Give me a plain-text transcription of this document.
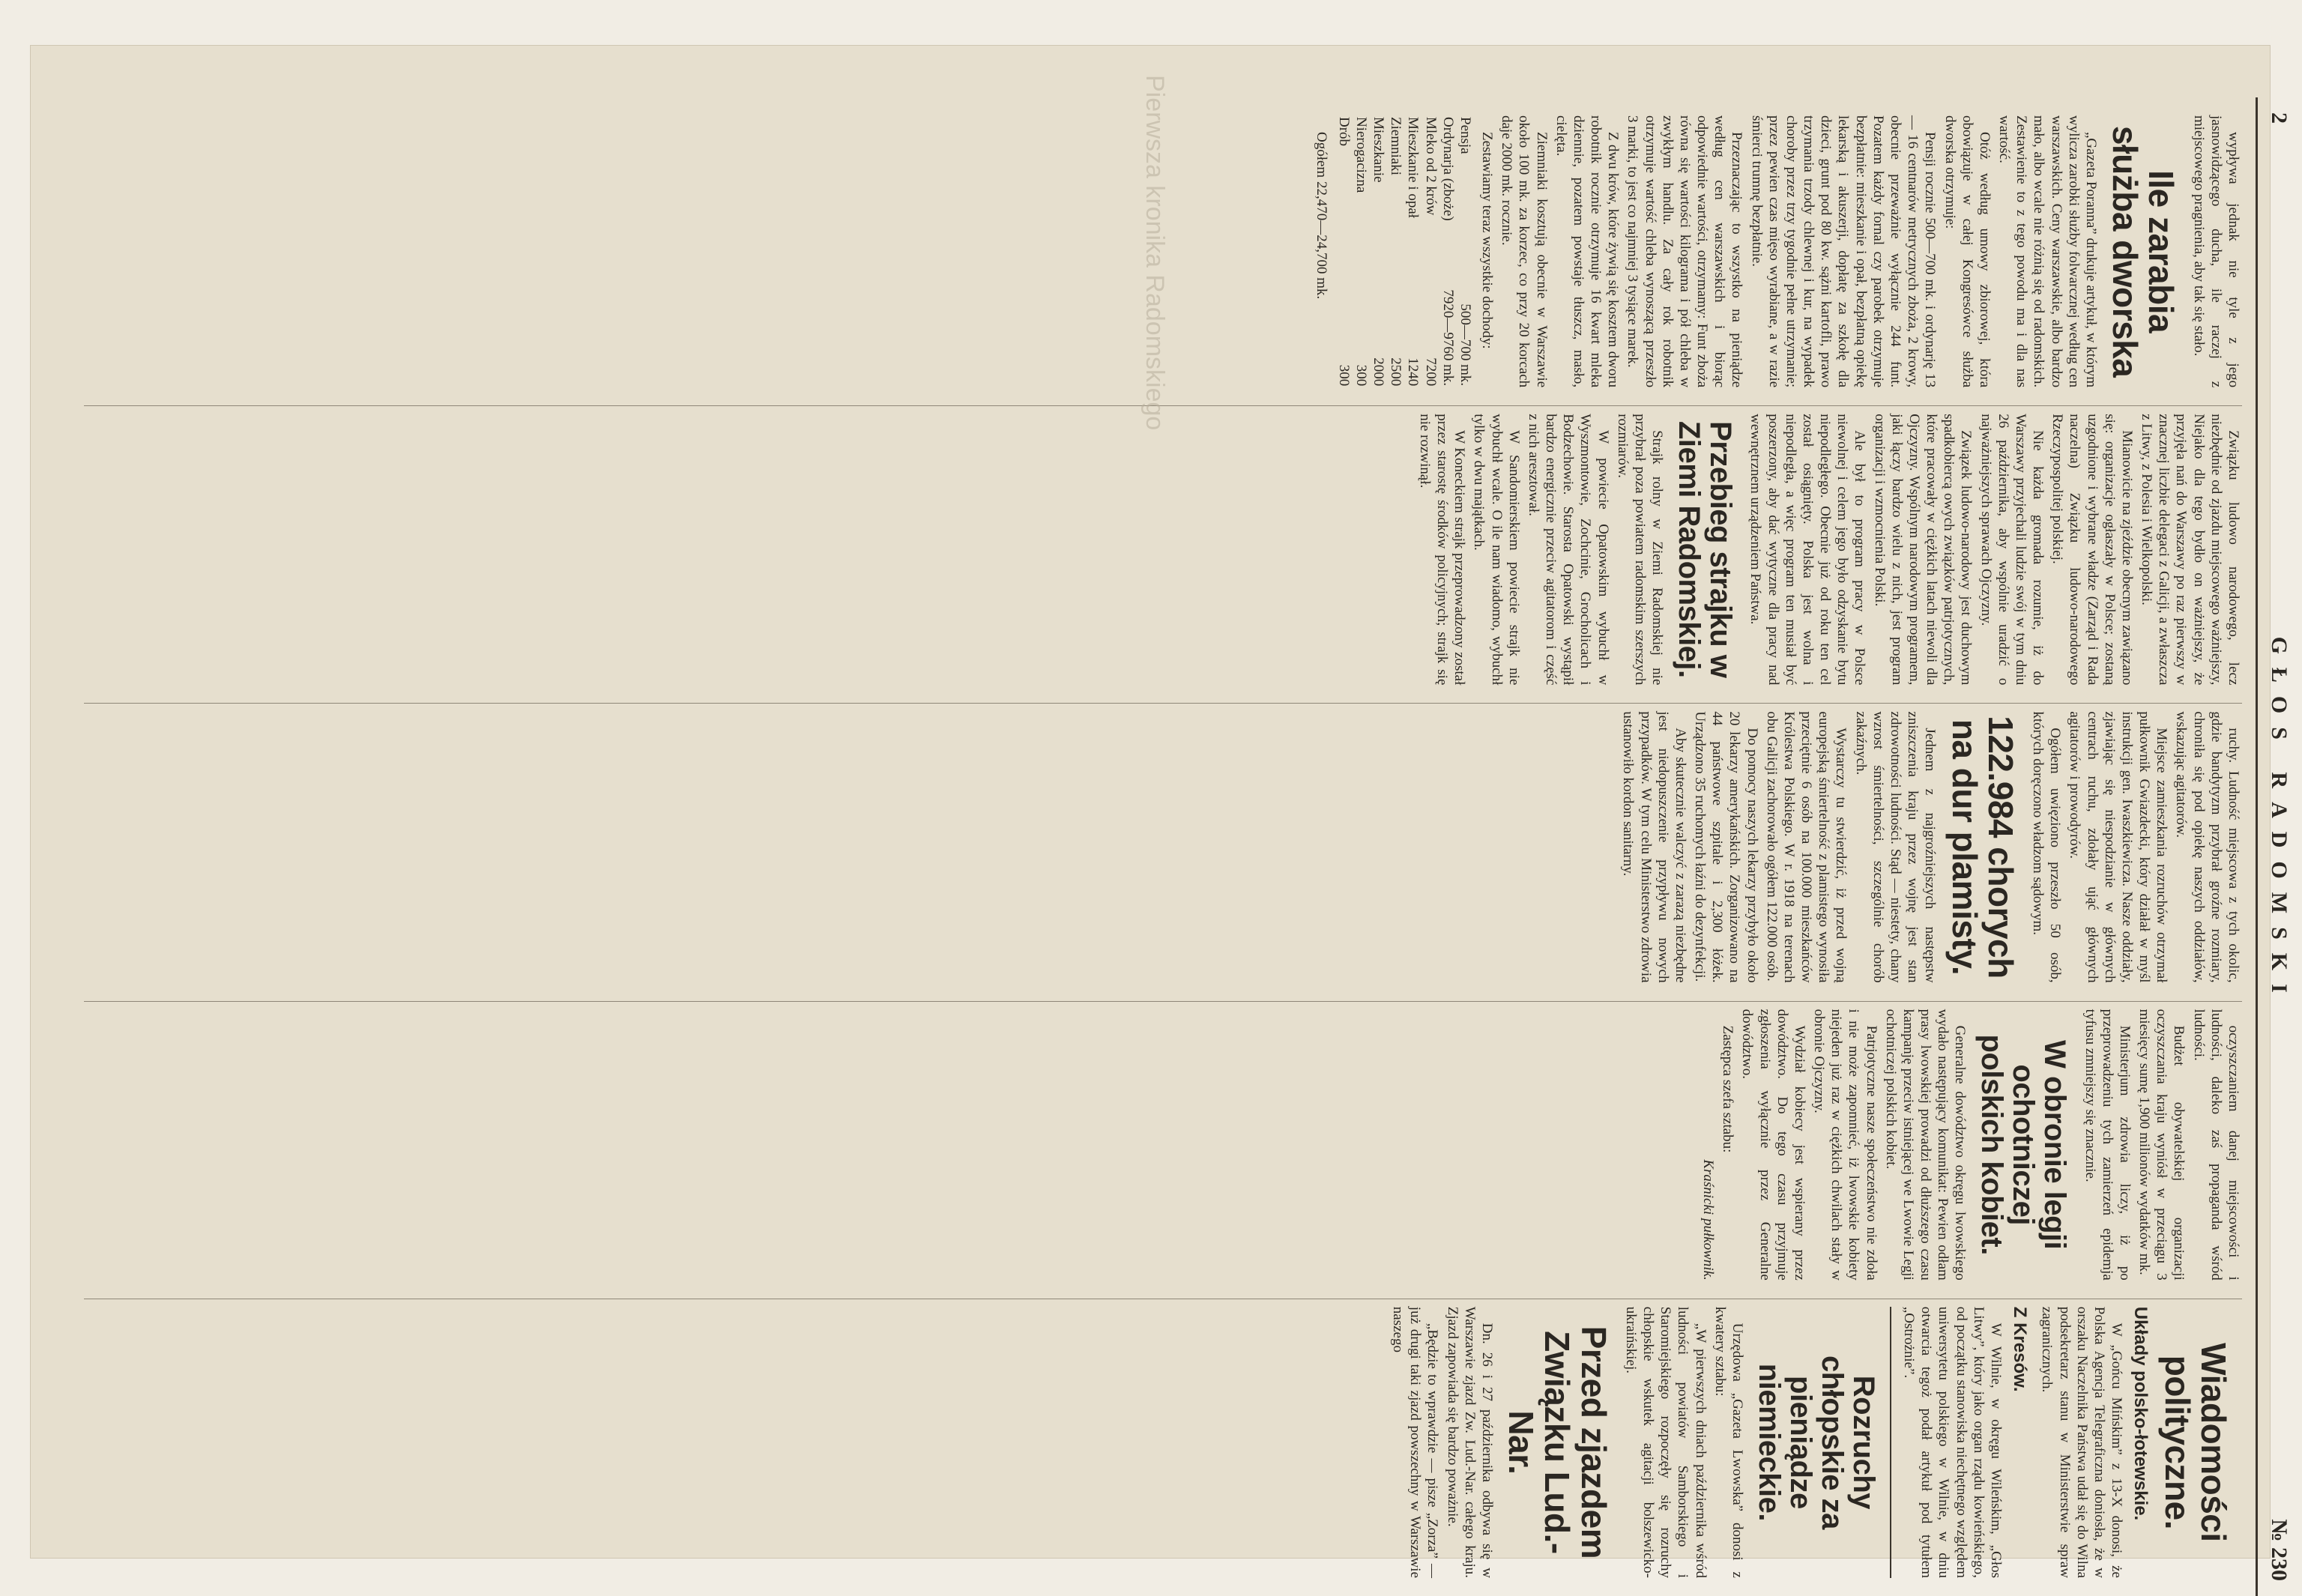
2
GŁOS RADOMSKI
№ 230

wypływa jednak nie tyle z jego jasnowidzącego ducha, ile raczej z miejscowego pragnienia, aby tak się stało.

Ile zarabia służba dworska

„Gazeta Poranna” drukuje artykuł, w którym wylicza zarobki służby folwarcznej według cen warszawskich. Ceny warszawskie, albo bardzo mało, albo wcale nie różnią się od radomskich. Zestawienie to z tego powodu ma i dla nas wartość.

Otóż według umowy zbiorowej, która obowiązuje w całej Kongresówce służba dworska otrzymuje:

Pensji rocznie 500—700 mk. i ordynarję 13 — 16 centnarów metrycznych zboża, 2 krowy, obecnie przeważnie wyłącznie 244 funt. Pozatem każdy fornal czy parobek otrzymuje bezpłatnie: mieszkanie i opał, bezpłatną opiekę lekarską i akuszerji, dopłatę za szkołę dla dzieci, grunt pod 80 kw. sążni kartofli, prawo trzymania trzody chlewnej i kur, na wypadek choroby przez trzy tygodnie pełne utrzymanie; przez pewien czas mięso wyrabiane, a w razie śmierci trumnę bezpłatnie.

Przeznaczając to wszystko na pieniądze według cen warszawskich i biorąc odpowiednie wartości, otrzymamy: Funt zboża równa się wartości kilograma i pół chleba w zwykłym handlu. Za cały rok robotnik otrzymuje wartość chleba wynoszącą przeszło 3 marki, to jest co najmniej 3 tysiące marek.

Z dwu krów, które żywią się kosztem dworu robotnik rocznie otrzymuje 16 kwart mleka dziennie, pozatem powstaje tłuszcz, masło, cielęta.

Ziemniaki kosztują obecnie w Warszawie około 100 mk. za korzec, co przy 20 korcach daje 2000 mk. rocznie.

Zestawiamy teraz wszystkie dochody:

Pensja	500—700 mk.
Ordynarja (zboże)	7920—9760 mk.
Mleko od 2 krów	7200
Mieszkanie i opał	1240
Ziemniaki	2500
Mieszkanie	2000
Nierogacizna	300
Drób	300

Ogółem 22,470—24,700 mk.

Związku ludowo narodowego, lecz niezbędnie od zjazdu miejscowego ważniejszy, Niejako dla tego bydło on ważniejszy, że przyjęła nań do Warszawy po raz pierwszy w znacznej liczbie delegaci z Galicji, a zwłaszcza z Litwy, z Polesia i Wielkopolski.

Mianowicie na zjeździe obecnym zawiązano się: organizacje ogłaszały w Polsce; zostaną uzgodnione i wybrane władze (Zarząd i Rada naczelna) Związku ludowo-narodowego Rzeczypospolitej polskiej.

Nie każda gromada rozumie, iż do Warszawy przyjechali ludzie swój w tym dniu 26 października, aby wspólnie uradzić o najważniejszych sprawach Ojczyzny.

Związek ludowo-narodowy jest duchowym spadkobiercą owych związków patrjotycznych, które pracowały w ciężkich latach niewoli dla Ojczyzny. Wspólnym narodowym programem, jaki łączy bardzo wielu z nich, jest program organizacji i wzmocnienia Polski.

Ale był to program pracy w Polsce niewolnej i celem jego było odzyskanie bytu niepodległego. Obecnie już od roku ten cel został osiągnięty. Polska jest wolna i niepodległa, a więc program ten musiał być poszerzony, aby dać wytyczne dla pracy nad wewnętrznem urządzeniem Państwa.

Przebieg strajku w Ziemi Radomskiej.

Strajk rolny w Ziemi Radomskiej nie przybrał poza powiatem radomskim szerszych rozmiarów.

W powiecie Opatowskim wybuchł w Wyszmontowie, Zochcinie, Grocholicach i Bodzechowie. Starosta Opatowski wystąpił bardzo energicznie przeciw agitatorom i część z nich aresztował.

W Sandomierskiem powiecie strajk nie wybuchł wcale. O ile nam wiadomo, wybuchł tylko w dwu majątkach.

W Koneckiem strajk przeprowadzony został przez starostę środków policyjnych; strajk się nie rozwinął.

ruchy. Ludność miejscowa z tych okolic, gdzie bandytyzm przybrał groźne rozmiary, chroniła się pod opiekę naszych oddziałów, wskazując agitatorów.

Miejsce zamieszkania rozruchów otrzymał pułkownik Gwiazdecki, który działał w myśl instrukcji gen. Iwaszkiewicza. Nasze oddziały, zjawiając się niespodzianie w głównych centrach ruchu, zdołały ująć głównych agitatorów i prowodyrów.

Ogółem uwięziono przeszło 50 osób, których doręczono władzom sądowym.

122.984 chorych na dur plamisty.

Jednem z najgroźniejszych następstw zniszczenia kraju przez wojnę jest stan zdrowotności ludności. Stąd — niestety, chany wzrost śmiertelności, szczególnie chorób zakaźnych.

Wystarczy tu stwierdzić, iż przed wojną europejską śmiertelność z plamistego wynosiła przeciętnie 6 osób na 100.000 mieszkańców Królestwa Polskiego. W r. 1918 na terenach obu Galicji zachorowało ogółem 122.000 osób.

Do pomocy naszych lekarzy przybyło około 20 lekarzy amerykańskich. Zorganizowano na 44 państwowe szpitale i 2,300 łóżek. Urządzono 35 ruchomych łaźni do dezynfekcji.

Aby skutecznie walczyć z zarazą niezbędne jest niedopuszczenie przypływu nowych przypadków. W tym celu Ministerstwo zdrowia ustanowiło kordon sanitarny.

oczyszczaniem danej miejscowości i ludności, daleko zaś propaganda wśród ludności.

Budżet obywatelskiej organizacji oczyszczania kraju wyniósł w przeciągu 3 miesięcy sumę 1,900 milionów wydatków mk.

Ministerjum zdrowia liczy, iż po przeprowadzeniu tych zamierzeń epidemja tyfusu zmniejszy się znacznie.

W obronie legji ochotniczej polskich kobiet.

Generalne dowództwo okręgu lwowskiego wydało następujący komunikat: Pewien odłam prasy lwowskiej prowadzi od dłuższego czasu kampanję przeciw istniejącej we Lwowie Legji ochotniczej polskich kobiet.

Patrjotyczne nasze społeczeństwo nie zdoła i nie może zapomnieć, iż lwowskie kobiety niejeden już raz w ciężkich chwilach stały w obronie Ojczyzny.

Wydział kobiecy jest wspierany przez dowództwo. Do tego czasu przyjmuje zgłoszenia wyłącznie przez Generalne dowództwo.

Zastępca szefa sztabu:

Kraśnicki pułkownik.
Wiadomości polityczne.
Układy polsko-łotewskie.

W „Gońcu Mińskim” z 13-X donosi, że Polska Agencja Telegraficzna doniosła, że w orszaku Naczelnika Państwa udał się do Wilna podsekretarz stanu w Ministerstwie spraw zagranicznych.

Z Kresów.

W Wilnie, w okręgu Wileńskim, „Głos Litwy”, który jako organ rządu kowieńskiego, od początku stanowiska niechętnego względem uniwersytetu polskiego w Wilnie, w dniu otwarcia tegoż podał artykuł pod tytułem „Ostrożnie”.

Rozruchy chłopskie za pieniądze niemieckie.

Urzędowa „Gazeta Lwowska” donosi z kwatery sztabu:

„W pierwszych dniach października wśród ludności powiatów Samborskiego i Staromiejskiego rozpoczęły się rozruchy chłopskie wskutek agitacji bolszewicko-ukraińskiej.

Przed zjazdem Związku Lud.-Nar.

Dn. 26 i 27 października odbywa się w Warszawie zjazd Zw. Lud.-Nar. całego kraju. Zjazd zapowiada się bardzo poważnie.

„Będzie to wprawdzie — pisze „Zorza” — już drugi taki zjazd powszechny w Warszawie naszego

Pierwsza kronika Radomskiego
